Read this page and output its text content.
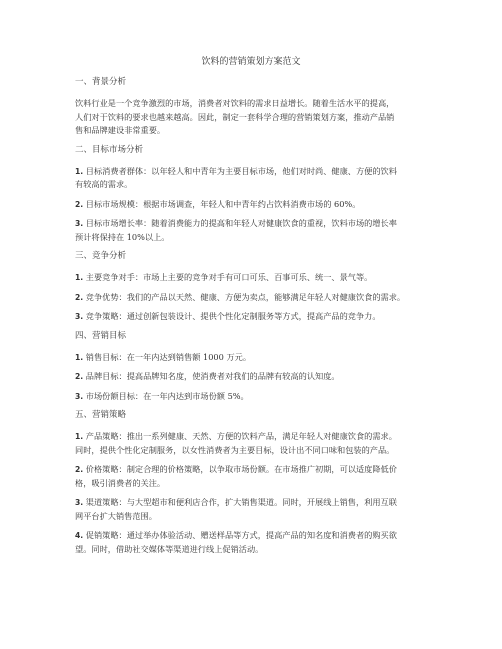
饮料的营销策划方案范文
一、背景分析
饮料行业是一个竞争激烈的市场，消费者对饮料的需求日益增长。随着生活水平的提高，
人们对于饮料的要求也越来越高。因此，制定一套科学合理的营销策划方案，推动产品销
售和品牌建设非常重要。
二、目标市场分析
1. 目标消费者群体：以年轻人和中青年为主要目标市场，他们对时尚、健康、方便的饮料
有较高的需求。
2. 目标市场规模：根据市场调查，年轻人和中青年约占饮料消费市场的 60%。
3. 目标市场增长率：随着消费能力的提高和年轻人对健康饮食的重视，饮料市场的增长率
预计将保持在 10%以上。
三、竞争分析
1. 主要竞争对手：市场上主要的竞争对手有可口可乐、百事可乐、统一、景气等。
2. 竞争优势：我们的产品以天然、健康、方便为卖点，能够满足年轻人对健康饮食的需求。
3. 竞争策略：通过创新包装设计、提供个性化定制服务等方式，提高产品的竞争力。
四、营销目标
1. 销售目标：在一年内达到销售额 1000 万元。
2. 品牌目标：提高品牌知名度，使消费者对我们的品牌有较高的认知度。
3. 市场份额目标：在一年内达到市场份额 5%。
五、营销策略
1. 产品策略：推出一系列健康、天然、方便的饮料产品，满足年轻人对健康饮食的需求。
同时，提供个性化定制服务，以女性消费者为主要目标，设计出不同口味和包装的产品。
2. 价格策略：制定合理的价格策略，以争取市场份额。在市场推广初期，可以适度降低价
格，吸引消费者的关注。
3. 渠道策略：与大型超市和便利店合作，扩大销售渠道。同时，开展线上销售，利用互联
网平台扩大销售范围。
4. 促销策略：通过举办体验活动、赠送样品等方式，提高产品的知名度和消费者的购买欲
望。同时，借助社交媒体等渠道进行线上促销活动。
